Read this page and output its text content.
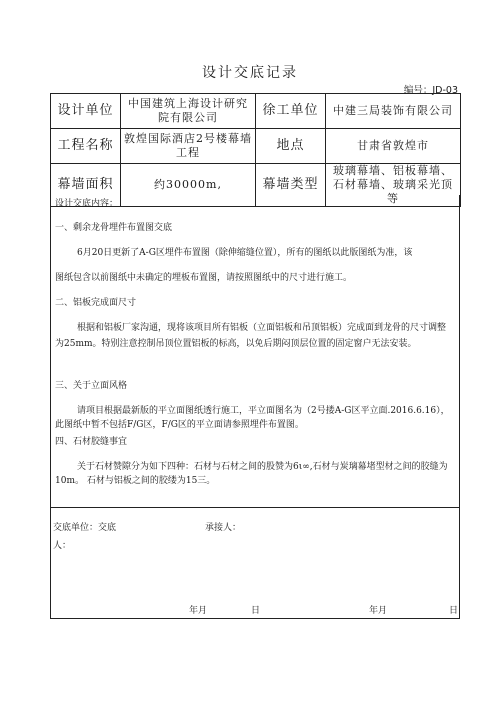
设计交底记录
编号：JD-03
设计单位	中国建筑上海设计研究院有限公司	徐工单位	中建三局装饰有限公司
工程名称	敦煌国际酒店2号楼幕墙工程	地点	甘肃省敦煌市
幕墙面积	约30000m,	幕墙类型	玻璃幕墙、铝板幕墙、石材幕墙、玻璃采光顶等
设计交底内容：
一、剩余龙骨埋件布置图交底
6月20日更新了A-G区埋件布置图（除伸缩缝位置），所有的图纸以此版图纸为准，该
图纸包含以前图纸中未确定的埋板布置图，请按照图纸中的尺寸进行施工。
二、铝板完成面尺寸
根据和铝板厂家沟通，现将该项目所有铝板（立面铝板和吊顶铝板）完成面到龙骨的尺寸调整为25mm。特别注意控制吊顶位置铝板的标高，以免后期闷顶层位置的固定窗户无法安装。
三、关于立面风格
请项目根据最新版的平立面图纸透行施工，平立面图名为（2号搂A-G区平立面.2016.6.16），此图纸中暂不包括F/G区，F/G区的平立面请参照埋件布置图。
四、石材胶缝事宜
关于石材赞隙分为如下四种：石材与石材之间的股赞为6ι∞,石材与炭璃幕堵型材之间的胶缝为10m。 石材与铝板之间的胶缕为15三。
交底单位：交底
人：
承接人：
年月	日	年月	日
